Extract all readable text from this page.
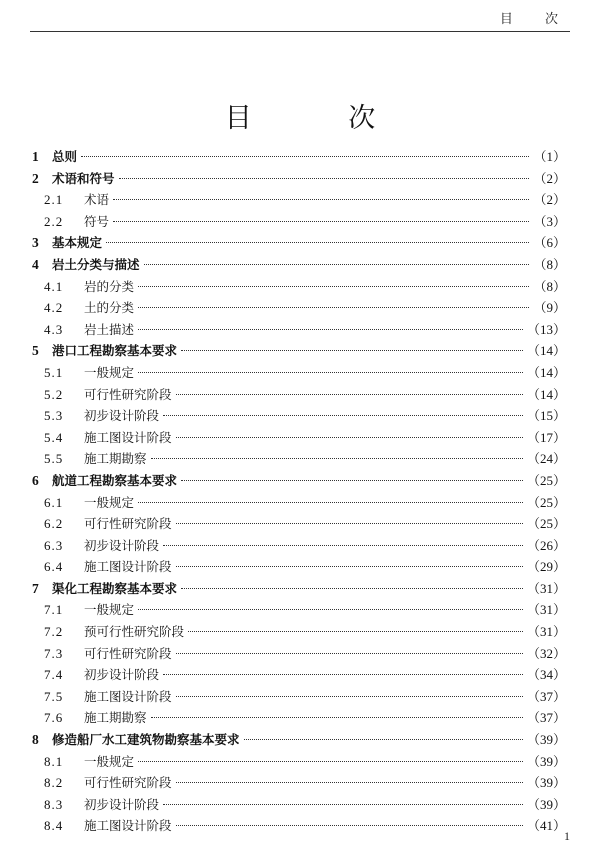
目 次
目 次
1	总则	（1）
2	术语和符号	（2）
2.1	术语	（2）
2.2	符号	（3）
3	基本规定	（6）
4	岩土分类与描述	（8）
4.1	岩的分类	（8）
4.2	土的分类	（9）
4.3	岩土描述	（13）
5	港口工程勘察基本要求	（14）
5.1	一般规定	（14）
5.2	可行性研究阶段	（14）
5.3	初步设计阶段	（15）
5.4	施工图设计阶段	（17）
5.5	施工期勘察	（24）
6	航道工程勘察基本要求	（25）
6.1	一般规定	（25）
6.2	可行性研究阶段	（25）
6.3	初步设计阶段	（26）
6.4	施工图设计阶段	（29）
7	渠化工程勘察基本要求	（31）
7.1	一般规定	（31）
7.2	预可行性研究阶段	（31）
7.3	可行性研究阶段	（32）
7.4	初步设计阶段	（34）
7.5	施工图设计阶段	（37）
7.6	施工期勘察	（37）
8	修造船厂水工建筑物勘察基本要求	（39）
8.1	一般规定	（39）
8.2	可行性研究阶段	（39）
8.3	初步设计阶段	（39）
8.4	施工图设计阶段	（41）
1
